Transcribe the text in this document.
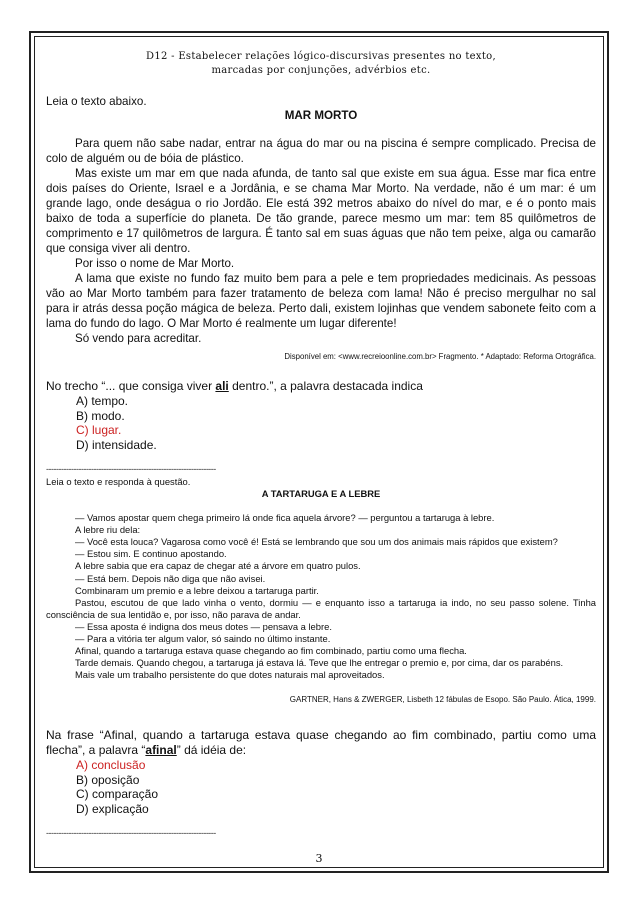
D12 - Estabelecer relações lógico-discursivas presentes no texto,
marcadas por conjunções, advérbios etc.

Leia o texto abaixo.

MAR MORTO

Para quem não sabe nadar, entrar na água do mar ou na piscina é sempre complicado. Precisa de colo de alguém ou de bóia de plástico.

Mas existe um mar em que nada afunda, de tanto sal que existe em sua água. Esse mar fica entre dois países do Oriente, Israel e a Jordânia, e se chama Mar Morto. Na verdade, não é um mar: é um grande lago, onde deságua o rio Jordão. Ele está 392 metros abaixo do nível do mar, e é o ponto mais baixo de toda a superfície do planeta. De tão grande, parece mesmo um mar: tem 85 quilômetros de comprimento e 17 quilômetros de largura. É tanto sal em suas águas que não tem peixe, alga ou camarão que consiga viver ali dentro.

Por isso o nome de Mar Morto.

A lama que existe no fundo faz muito bem para a pele e tem propriedades medicinais. As pessoas vão ao Mar Morto também para fazer tratamento de beleza com lama! Não é preciso mergulhar no sal para ir atrás dessa poção mágica de beleza. Perto dali, existem lojinhas que vendem sabonete feito com a lama do fundo do lago. O Mar Morto é realmente um lugar diferente!

Só vendo para acreditar.

Disponível em: <www.recreioonline.com.br> Fragmento. * Adaptado: Reforma Ortográfica.

No trecho “... que consiga viver ali dentro.”, a palavra destacada indica

A) tempo.
B) modo.
C) lugar.
D) intensidade.
--------------------------------------------------------------------

Leia o texto e responda à questão.

A TARTARUGA E A LEBRE

— Vamos apostar quem chega primeiro lá onde fica aquela árvore? — perguntou a tartaruga à lebre.

A lebre riu dela:

— Você esta louca? Vagarosa como você é! Está se lembrando que sou um dos animais mais rápidos que existem?

— Estou sim. E continuo apostando.

A lebre sabia que era capaz de chegar até a árvore em quatro pulos.

— Está bem. Depois não diga que não avisei.

Combinaram um premio e a lebre deixou a tartaruga partir.

Pastou, escutou de que lado vinha o vento, dormiu — e enquanto isso a tartaruga ia indo, no seu passo solene. Tinha consciência de sua lentidão e, por isso, não parava de andar.

— Essa aposta é indigna dos meus dotes — pensava a lebre.

— Para a vitória ter algum valor, só saindo no último instante.

Afinal, quando a tartaruga estava quase chegando ao fim combinado, partiu como uma flecha.

Tarde demais. Quando chegou, a tartaruga já estava lá. Teve que lhe entregar o premio e, por cima, dar os parabéns.

Mais vale um trabalho persistente do que dotes naturais mal aproveitados.

GARTNER, Hans & ZWERGER, Lisbeth 12 fábulas de Esopo. São Paulo. Ática, 1999.

Na frase “Afinal, quando a tartaruga estava quase chegando ao fim combinado, partiu como uma flecha”, a palavra “afinal” dá idéia de:

A) conclusão
B) oposição
C) comparação
D) explicação
--------------------------------------------------------------------
3
